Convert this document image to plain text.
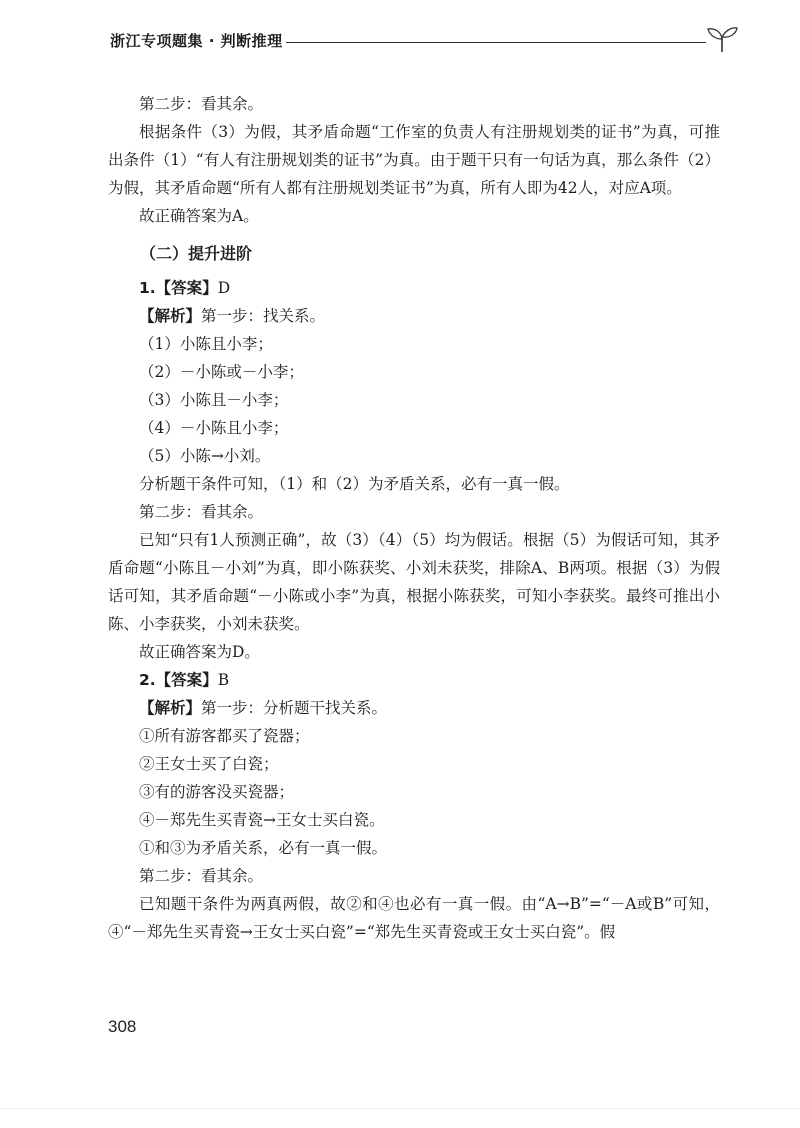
浙江专项题集 · 判断推理

第二步：看其余。

根据条件（3）为假，其矛盾命题“工作室的负责人有注册规划类的证书”为真，可推出条件（1）“有人有注册规划类的证书”为真。由于题干只有一句话为真，那么条件（2）为假，其矛盾命题“所有人都有注册规划类证书”为真，所有人即为42人，对应A项。

故正确答案为A。

（二）提升进阶

1.【答案】D

【解析】第一步：找关系。

（1）小陈且小李；

（2）－小陈或－小李；

（3）小陈且－小李；

（4）－小陈且小李；

（5）小陈→小刘。

分析题干条件可知，（1）和（2）为矛盾关系，必有一真一假。

第二步：看其余。

已知“只有1人预测正确”，故（3）（4）（5）均为假话。根据（5）为假话可知，其矛盾命题“小陈且－小刘”为真，即小陈获奖、小刘未获奖，排除A、B两项。根据（3）为假话可知，其矛盾命题“－小陈或小李”为真，根据小陈获奖，可知小李获奖。最终可推出小陈、小李获奖，小刘未获奖。

故正确答案为D。

2.【答案】B

【解析】第一步：分析题干找关系。

①所有游客都买了瓷器；

②王女士买了白瓷；

③有的游客没买瓷器；

④－郑先生买青瓷→王女士买白瓷。

①和③为矛盾关系，必有一真一假。

第二步：看其余。

已知题干条件为两真两假，故②和④也必有一真一假。由“A→B”=“－A或B”可知，④“－郑先生买青瓷→王女士买白瓷”=“郑先生买青瓷或王女士买白瓷”。假

308
